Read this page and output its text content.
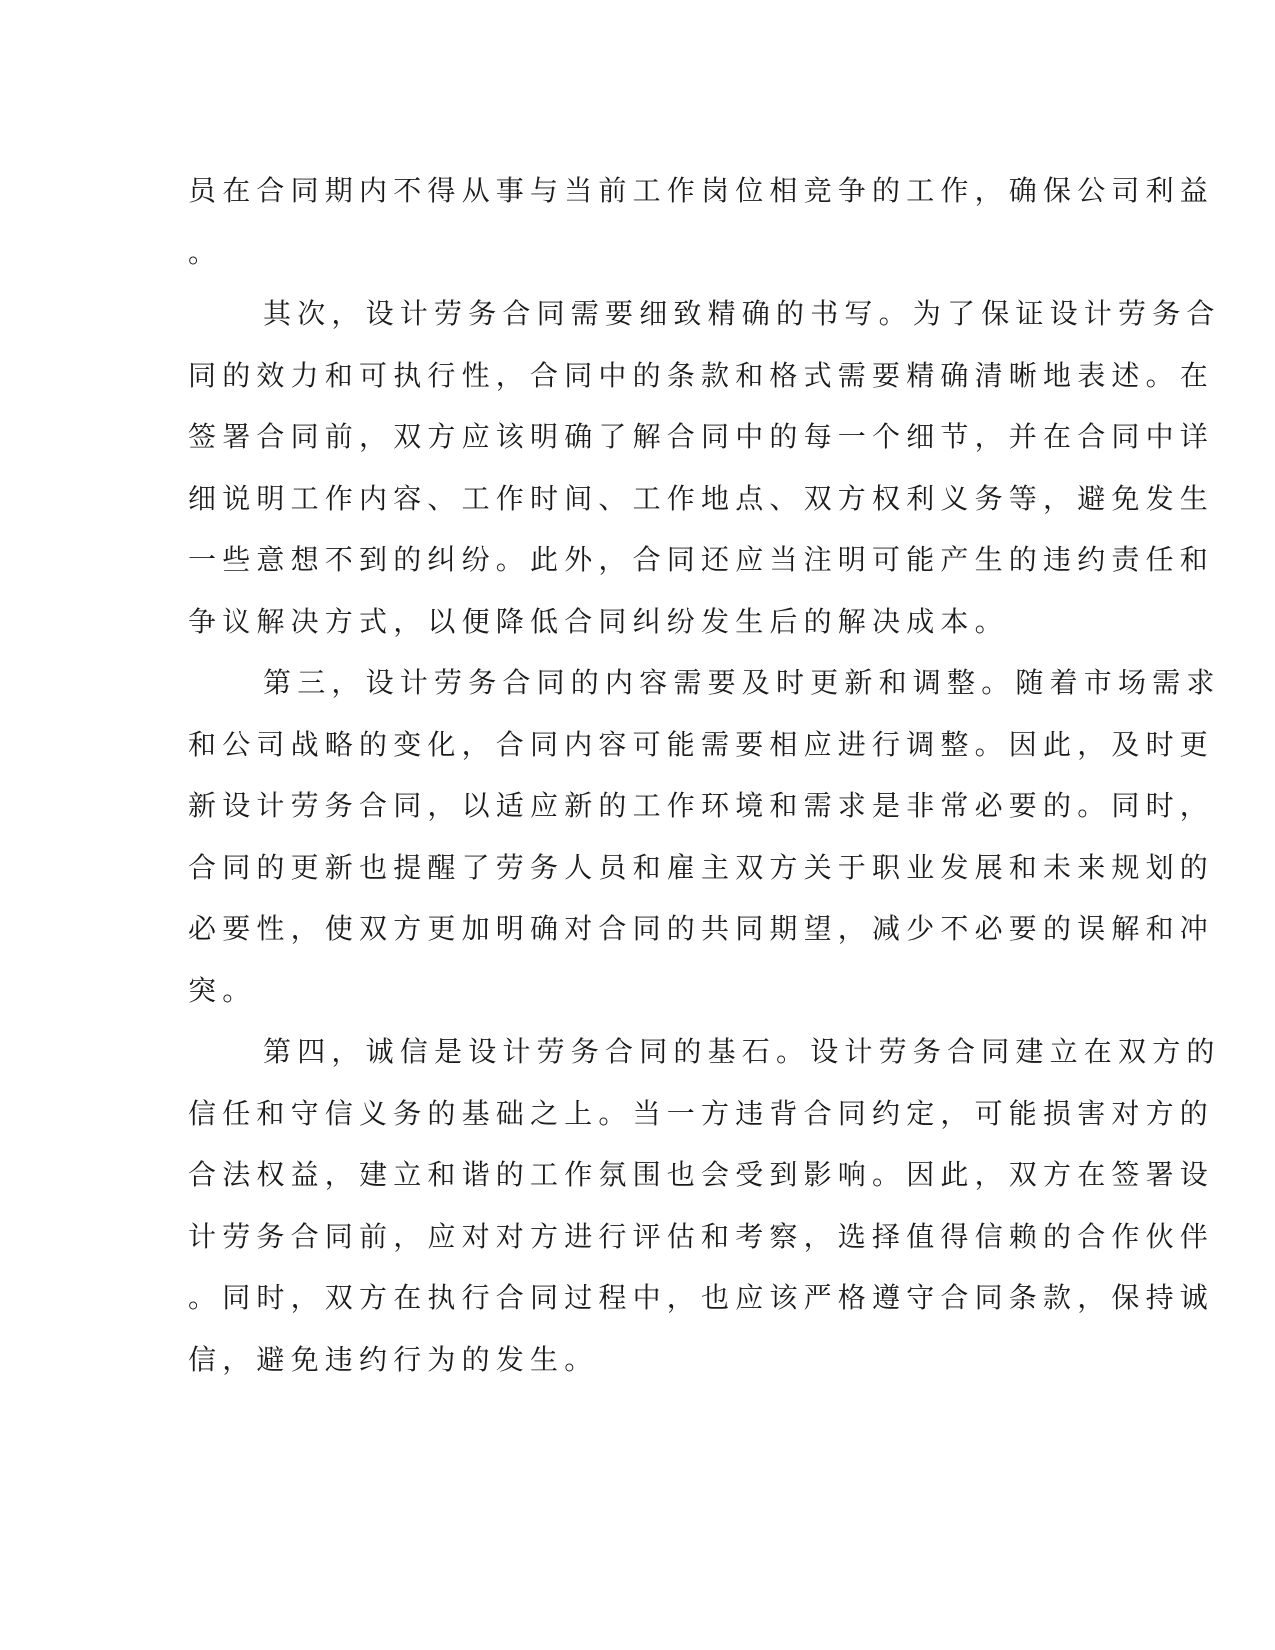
员在合同期内不得从事与当前工作岗位相竞争的工作，确保公司利益
。
其次，设计劳务合同需要细致精确的书写。为了保证设计劳务合
同的效力和可执行性，合同中的条款和格式需要精确清晰地表述。在
签署合同前，双方应该明确了解合同中的每一个细节，并在合同中详
细说明工作内容、工作时间、工作地点、双方权利义务等，避免发生
一些意想不到的纠纷。此外，合同还应当注明可能产生的违约责任和
争议解决方式，以便降低合同纠纷发生后的解决成本。
第三，设计劳务合同的内容需要及时更新和调整。随着市场需求
和公司战略的变化，合同内容可能需要相应进行调整。因此，及时更
新设计劳务合同，以适应新的工作环境和需求是非常必要的。同时，
合同的更新也提醒了劳务人员和雇主双方关于职业发展和未来规划的
必要性，使双方更加明确对合同的共同期望，减少不必要的误解和冲
突。
第四，诚信是设计劳务合同的基石。设计劳务合同建立在双方的
信任和守信义务的基础之上。当一方违背合同约定，可能损害对方的
合法权益，建立和谐的工作氛围也会受到影响。因此，双方在签署设
计劳务合同前，应对对方进行评估和考察，选择值得信赖的合作伙伴
。同时，双方在执行合同过程中，也应该严格遵守合同条款，保持诚
信，避免违约行为的发生。
